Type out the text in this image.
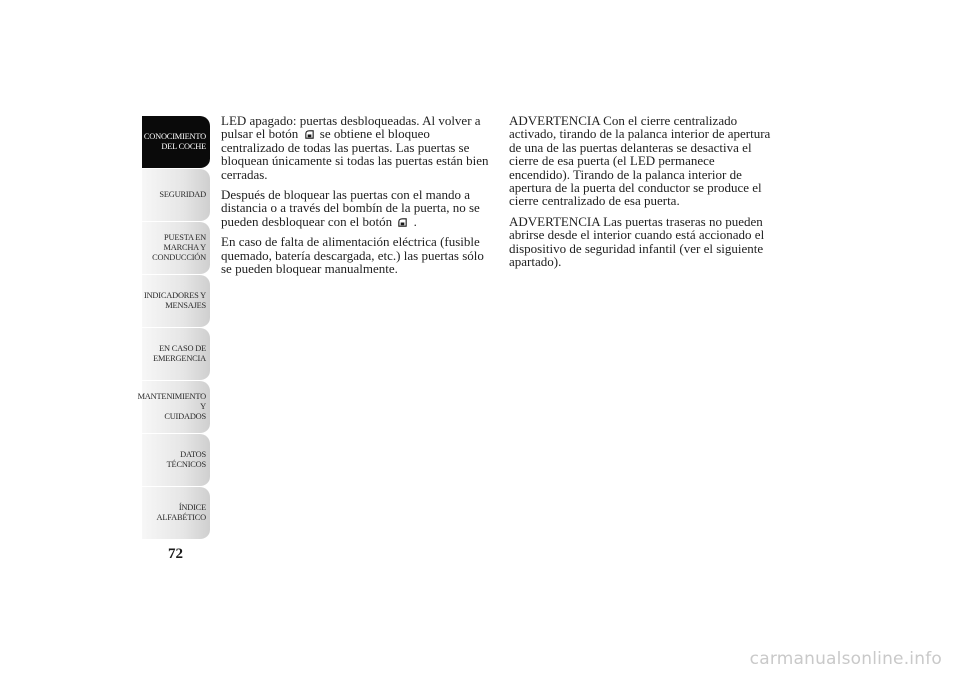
CONOCIMIENTO
DEL COCHE
SEGURIDAD
PUESTA EN
MARCHA Y
CONDUCCIÓN
INDICADORES Y
MENSAJES
EN CASO DE
EMERGENCIA
MANTENIMIENTO Y
CUIDADOS
DATOS TÉCNICOS
ÍNDICE
ALFABÉTICO
72

LED apagado: puertas desbloqueadas. Al volver a pulsar el botón se obtiene el bloqueo centralizado de todas las puertas. Las puertas se bloquean únicamente si todas las puertas están bien cerradas.

Después de bloquear las puertas con el mando a distancia o a través del bombín de la puerta, no se pueden desbloquear con el botón .

En caso de falta de alimentación eléctrica (fusible quemado, batería descargada, etc.) las puertas sólo se pueden bloquear manualmente.

ADVERTENCIA Con el cierre centralizado activado, tirando de la palanca interior de apertura de una de las puertas delanteras se desactiva el cierre de esa puerta (el LED permanece encendido). Tirando de la palanca interior de apertura de la puerta del conductor se produce el cierre centralizado de esa puerta.

ADVERTENCIA Las puertas traseras no pueden abrirse desde el interior cuando está accionado el dispositivo de seguridad infantil (ver el siguiente apartado).

carmanualsonline.info
